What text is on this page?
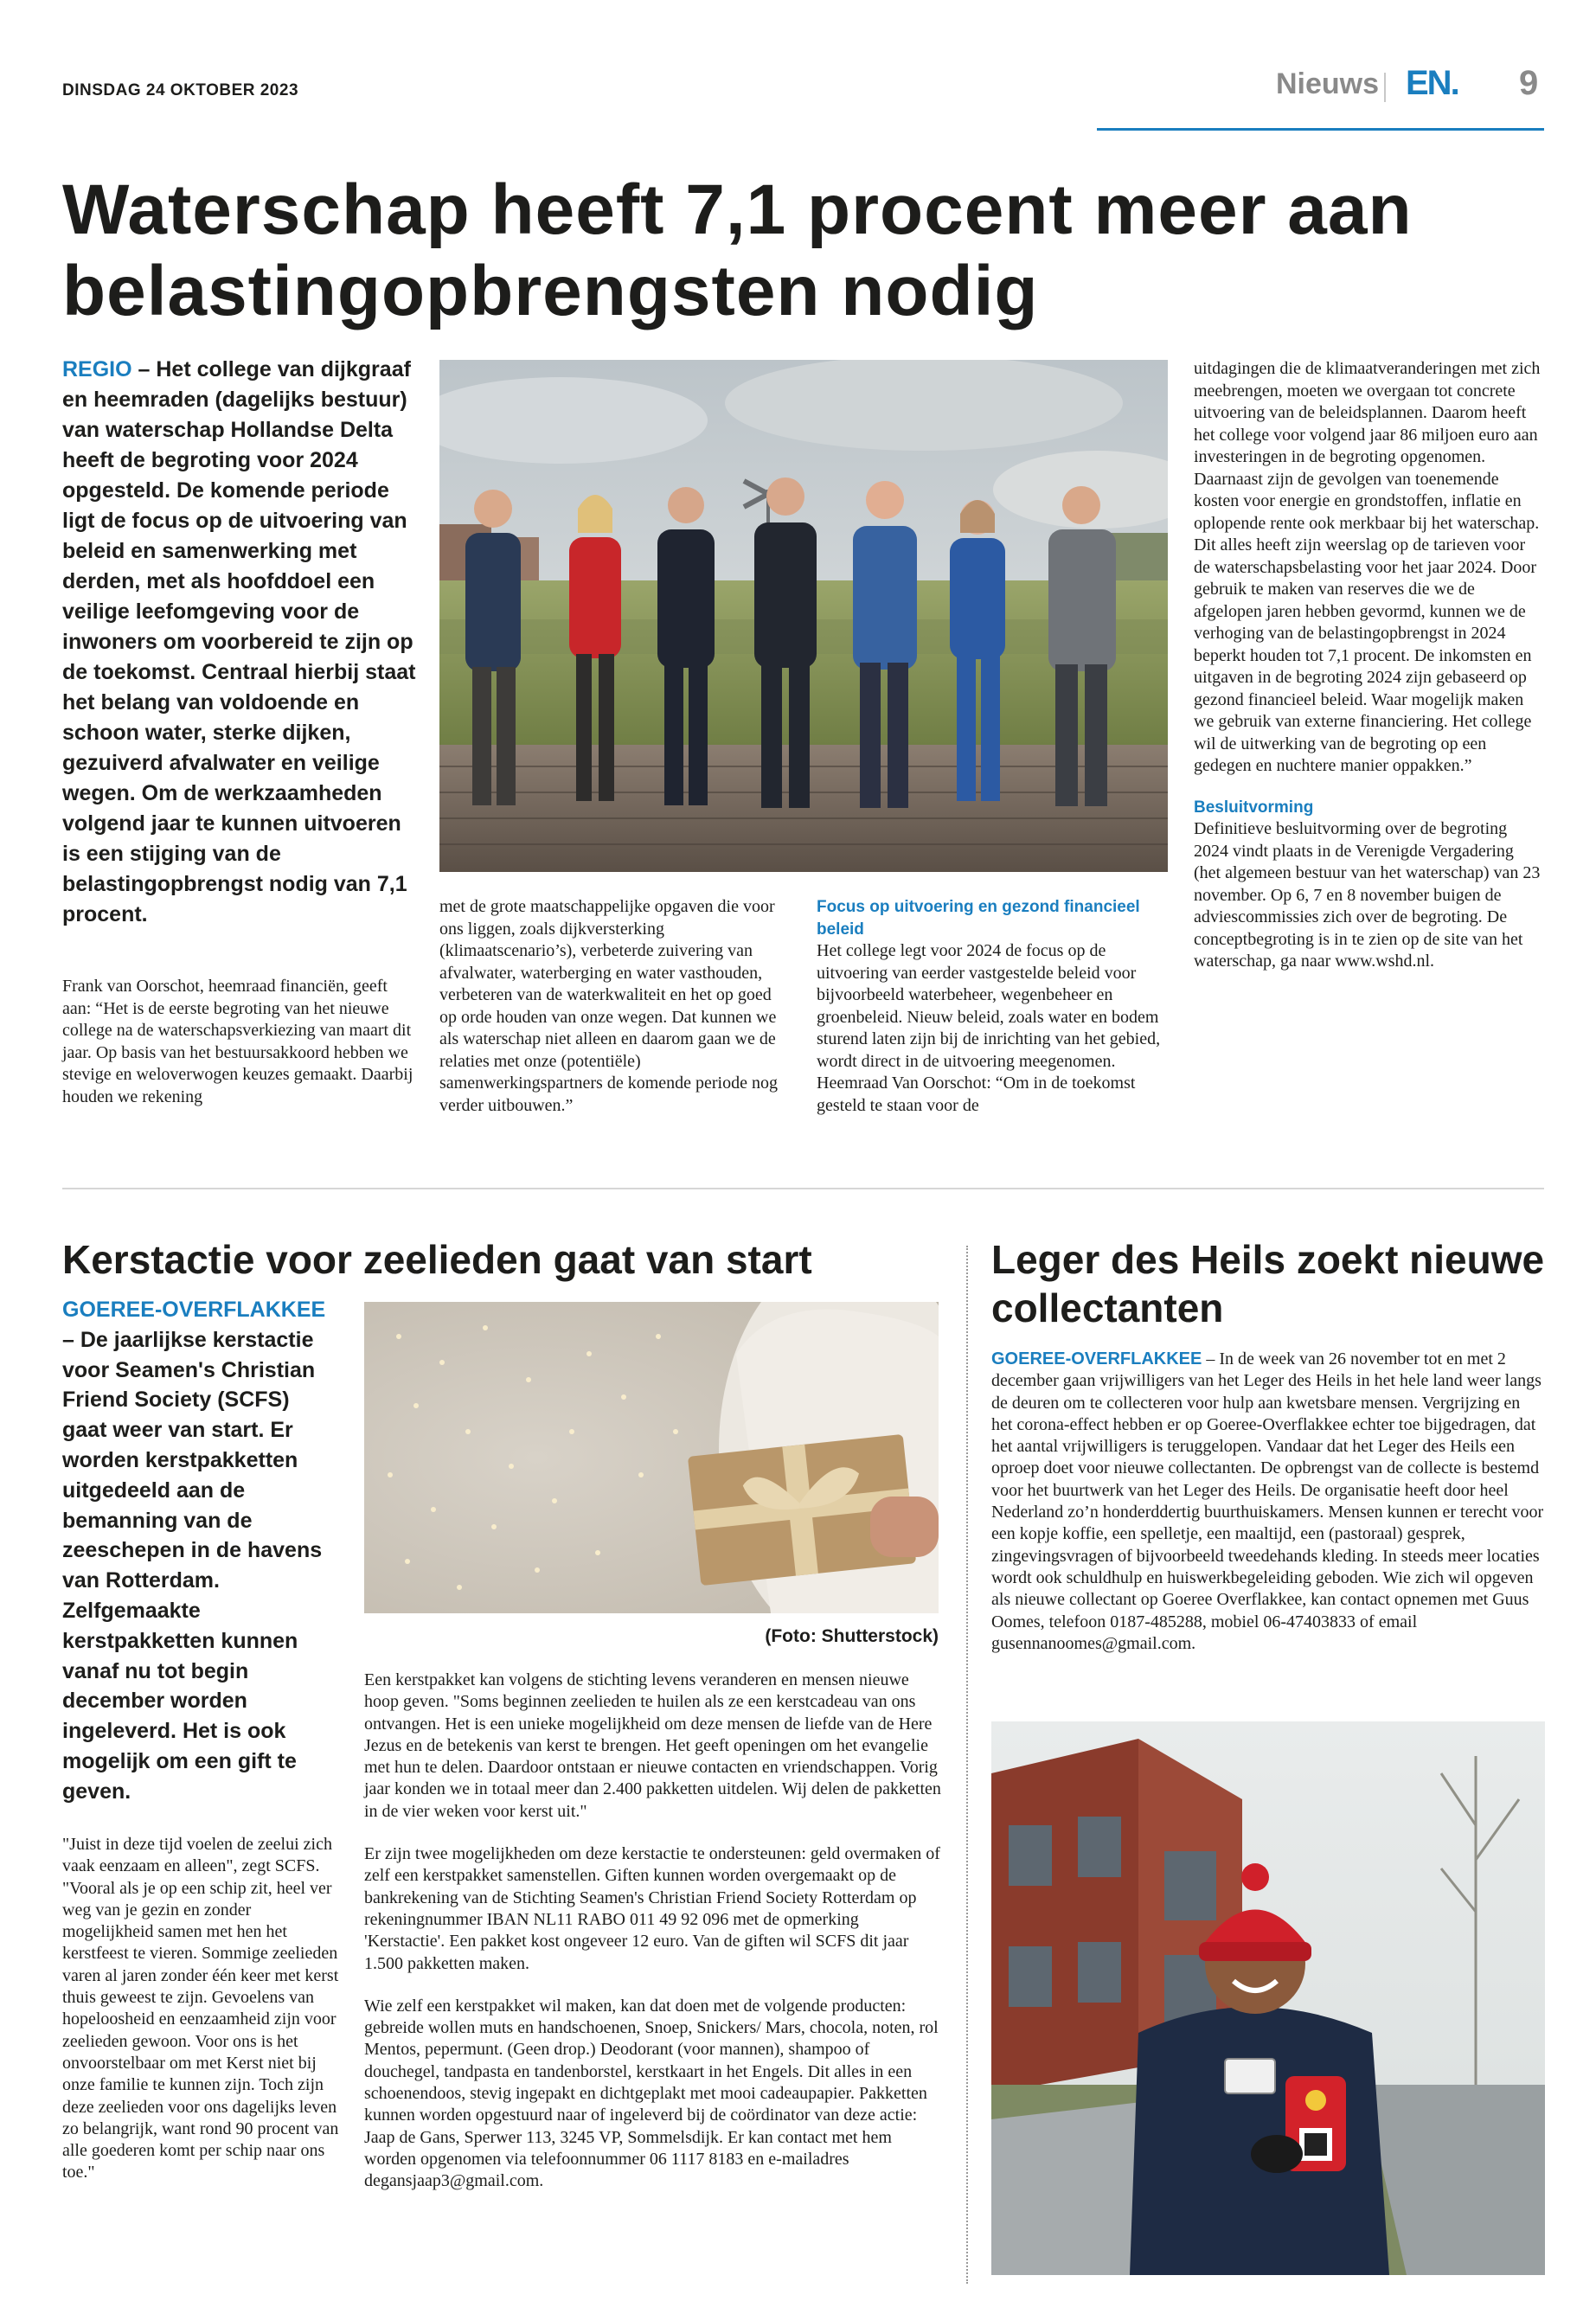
DINSDAG 24 OKTOBER 2023	Nieuws EN. 9
Waterschap heeft 7,1 procent meer aan belastingopbrengsten nodig
REGIO – Het college van dijkgraaf en heemraden (dagelijks bestuur) van waterschap Hollandse Delta heeft de begroting voor 2024 opgesteld. De komende periode ligt de focus op de uitvoering van beleid en samenwerking met derden, met als hoofddoel een veilige leefomgeving voor de inwoners om voorbereid te zijn op de toekomst. Centraal hierbij staat het belang van voldoende en schoon water, sterke dijken, gezuiverd afvalwater en veilige wegen. Om de werkzaamheden volgend jaar te kunnen uitvoeren is een stijging van de belastingopbrengst nodig van 7,1 procent.

Frank van Oorschot, heemraad financiën, geeft aan: “Het is de eerste begroting van het nieuwe college na de waterschapsverkiezing van maart dit jaar. Op basis van het bestuursakkoord hebben we stevige en weloverwogen keuzes gemaakt. Daarbij houden we rekening

met de grote maatschappelijke opgaven die voor ons liggen, zoals dijkversterking (klimaatscenario’s), verbeterde zuivering van afvalwater, waterberging en water vasthouden, verbeteren van de waterkwaliteit en het op goed op orde houden van onze wegen. Dat kunnen we als waterschap niet alleen en daarom gaan we de relaties met onze (potentiële) samenwerkingspartners de komende periode nog verder uitbouwen.”

Focus op uitvoering en gezond financieel beleid

Het college legt voor 2024 de focus op de uitvoering van eerder vastgestelde beleid voor bijvoorbeeld waterbeheer, wegenbeheer en groenbeleid. Nieuw beleid, zoals water en bodem sturend laten zijn bij de inrichting van het gebied, wordt direct in de uitvoering meegenomen.

Heemraad Van Oorschot: “Om in de toekomst gesteld te staan voor de

uitdagingen die de klimaatveranderingen met zich meebrengen, moeten we overgaan tot concrete uitvoering van de beleidsplannen. Daarom heeft het college voor volgend jaar 86 miljoen euro aan investeringen in de begroting opgenomen. Daarnaast zijn de gevolgen van toenemende kosten voor energie en grondstoffen, inflatie en oplopende rente ook merkbaar bij het waterschap. Dit alles heeft zijn weerslag op de tarieven voor de waterschapsbelasting voor het jaar 2024. Door gebruik te maken van reserves die we de afgelopen jaren hebben gevormd, kunnen we de verhoging van de belastingopbrengst in 2024 beperkt houden tot 7,1 procent. De inkomsten en uitgaven in de begroting 2024 zijn gebaseerd op gezond financieel beleid. Waar mogelijk maken we gebruik van externe financiering. Het college wil de uitwerking van de begroting op een gedegen en nuchtere manier oppakken.”

Besluitvorming

Definitieve besluitvorming over de begroting 2024 vindt plaats in de Verenigde Vergadering (het algemeen bestuur van het waterschap) van 23 november. Op 6, 7 en 8 november buigen de adviescommissies zich over de begroting. De conceptbegroting is in te zien op de site van het waterschap, ga naar www.wshd.nl.

Kerstactie voor zeelieden gaat van start
GOEREE-OVERFLAKKEE – De jaarlijkse kerstactie voor Seamen's Christian Friend Society (SCFS) gaat weer van start. Er worden kerstpakketten uitgedeeld aan de bemanning van de zeeschepen in de havens van Rotterdam. Zelfgemaakte kerstpakketten kunnen vanaf nu tot begin december worden ingeleverd. Het is ook mogelijk om een gift te geven.

"Juist in deze tijd voelen de zeelui zich vaak eenzaam en alleen", zegt SCFS. "Vooral als je op een schip zit, heel ver weg van je gezin en zonder mogelijkheid samen met hen het kerstfeest te vieren. Sommige zeelieden varen al jaren zonder één keer met kerst thuis geweest te zijn. Gevoelens van hopeloosheid en eenzaamheid zijn voor zeelieden gewoon. Voor ons is het onvoorstelbaar om met Kerst niet bij onze familie te kunnen zijn. Toch zijn deze zeelieden voor ons dagelijks leven zo belangrijk, want rond 90 procent van alle goederen komt per schip naar ons toe."

(Foto: Shutterstock)

Een kerstpakket kan volgens de stichting levens veranderen en mensen nieuwe hoop geven. "Soms beginnen zeelieden te huilen als ze een kerstcadeau van ons ontvangen. Het is een unieke mogelijkheid om deze mensen de liefde van de Here Jezus en de betekenis van kerst te brengen. Het geeft openingen om het evangelie met hun te delen. Daardoor ontstaan er nieuwe contacten en vriendschappen. Vorig jaar konden we in totaal meer dan 2.400 pakketten uitdelen. Wij delen de pakketten in de vier weken voor kerst uit."

Er zijn twee mogelijkheden om deze kerstactie te ondersteunen: geld overmaken of zelf een kerstpakket samenstellen. Giften kunnen worden overgemaakt op de bankrekening van de Stichting Seamen's Christian Friend Society Rotterdam op rekeningnummer IBAN NL11 RABO 011 49 92 096 met de opmerking 'Kerstactie'. Een pakket kost ongeveer 12 euro. Van de giften wil SCFS dit jaar 1.500 pakketten maken.

Wie zelf een kerstpakket wil maken, kan dat doen met de volgende producten: gebreide wollen muts en handschoenen, Snoep, Snickers/ Mars, chocola, noten, rol Mentos, pepermunt. (Geen drop.) Deodorant (voor mannen), shampoo of douchegel, tandpasta en tandenborstel, kerstkaart in het Engels. Dit alles in een schoenendoos, stevig ingepakt en dichtgeplakt met mooi cadeaupapier. Pakketten kunnen worden opgestuurd naar of ingeleverd bij de coördinator van deze actie: Jaap de Gans, Sperwer 113, 3245 VP, Sommelsdijk. Er kan contact met hem worden opgenomen via telefoonnummer 06 1117 8183 en e-mailadres degansjaap3@gmail.com.

Leger des Heils zoekt nieuwe collectanten
GOEREE-OVERFLAKKEE – In de week van 26 november tot en met 2 december gaan vrijwilligers van het Leger des Heils in het hele land weer langs de deuren om te collecteren voor hulp aan kwetsbare mensen. Vergrijzing en het corona-effect hebben er op Goeree-Overflakkee echter toe bijgedragen, dat het aantal vrijwilligers is teruggelopen. Vandaar dat het Leger des Heils een oproep doet voor nieuwe collectanten. De opbrengst van de collecte is bestemd voor het buurtwerk van het Leger des Heils. De organisatie heeft door heel Nederland zo’n honderddertig buurthuiskamers. Mensen kunnen er terecht voor een kopje koffie, een spelletje, een maaltijd, een (pastoraal) gesprek, zingevingsvragen of bijvoorbeeld tweedehands kleding. In steeds meer locaties wordt ook schuldhulp en huiswerkbegeleiding geboden. Wie zich wil opgeven als nieuwe collectant op Goeree Overflakkee, kan contact opnemen met Guus Oomes, telefoon 0187-485288, mobiel 06-47403833 of email gusennanoomes@gmail.com.
